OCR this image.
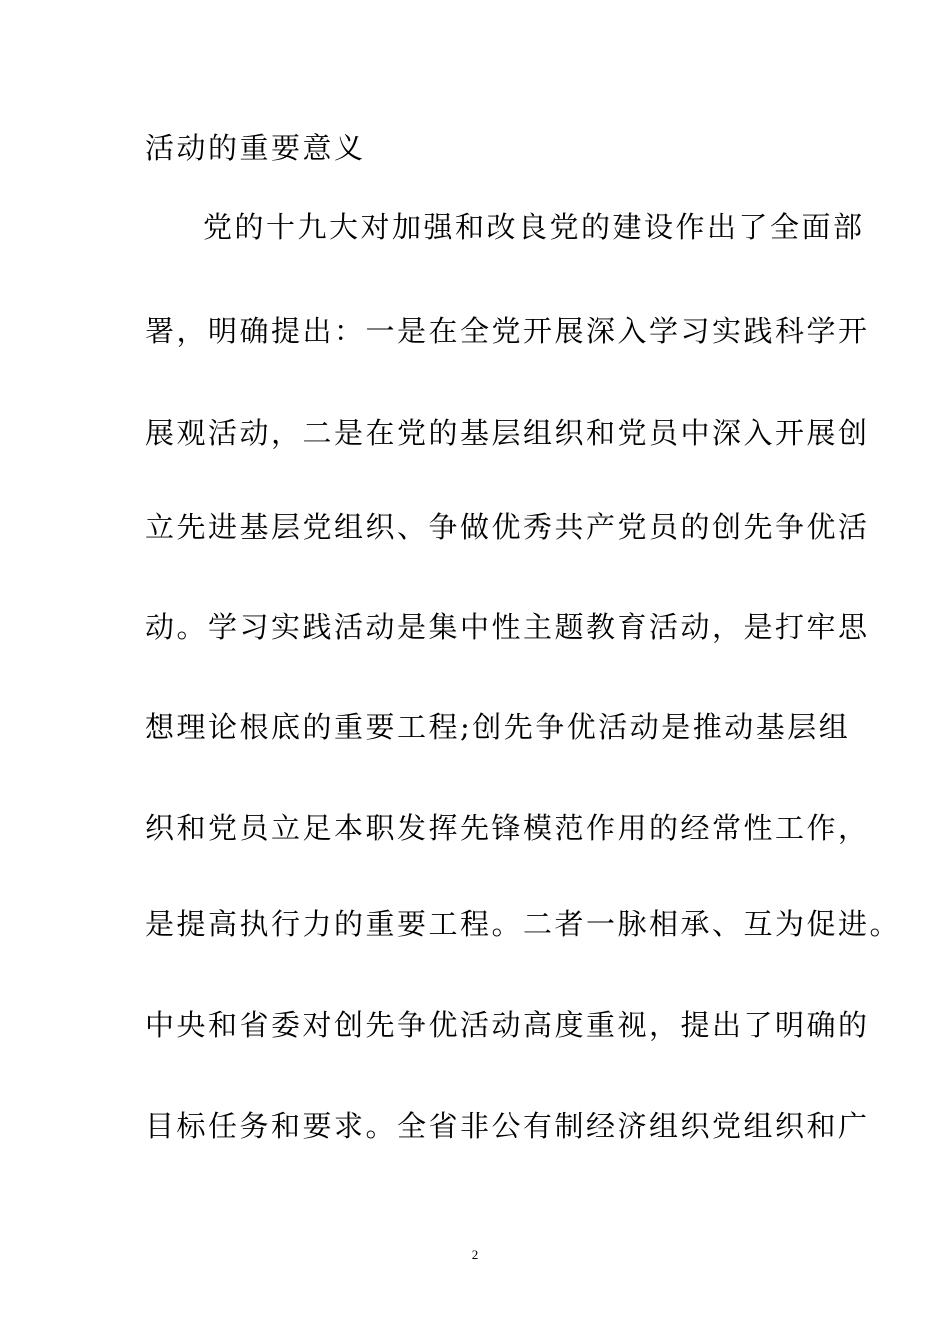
活动的重要意义
党的十九大对加强和改良党的建设作出了全面部
署，明确提出：一是在全党开展深入学习实践科学开
展观活动，二是在党的基层组织和党员中深入开展创
立先进基层党组织、争做优秀共产党员的创先争优活
动。学习实践活动是集中性主题教育活动，是打牢思
想理论根底的重要工程;创先争优活动是推动基层组
织和党员立足本职发挥先锋模范作用的经常性工作，
是提高执行力的重要工程。二者一脉相承、互为促进。
中央和省委对创先争优活动高度重视，提出了明确的
目标任务和要求。全省非公有制经济组织党组织和广
2
